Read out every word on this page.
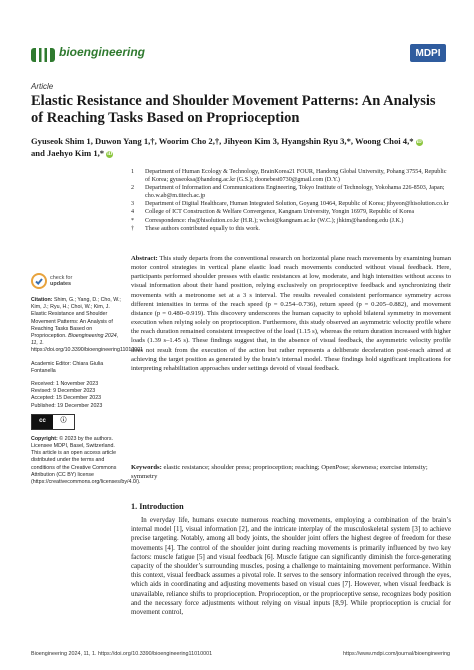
bioengineering	MDPI
Article
Elastic Resistance and Shoulder Movement Patterns: An Analysis of Reaching Tasks Based on Proprioception
Gyuseok Shim 1, Duwon Yang 1,†, Woorim Cho 2,†, Jihyeon Kim 3, Hyangshin Ryu 3,*, Woong Choi 4,* iD
and Jaehyo Kim 1,* iD
1	Department of Human Ecology & Technology, BrainKorea21 FOUR, Handong Global University, Pohang 37554, Republic of Korea; gyuseoksa@handong.ac.kr (G.S.); doonebest0730@gmail.com (D.Y.)
2	Department of Information and Communications Engineering, Tokyo Institute of Technology, Yokohama 226-8503, Japan; cho.w.ab@m.titech.ac.jp
3	Department of Digital Healthcare, Human Integrated Solution, Goyang 10464, Republic of Korea; jihyeon@hisolution.co.kr
4	College of ICT Construction & Welfare Convergence, Kangnam University, Yongin 16979, Republic of Korea
*	Correspondence: rhs@hisolution.co.kr (H.R.); wchoi@kangnam.ac.kr (W.C.); jhkim@handong.edu (J.K.)
†	These authors contributed equally to this work.
Abstract: This study departs from the conventional research on horizontal plane reach movements by examining human motor control strategies in vertical plane elastic load reach movements conducted without visual feedback. Here, participants performed shoulder presses with elastic resistances at low, moderate, and high intensities without access to visual information about their hand position, relying exclusively on proprioceptive feedback and synchronizing their movements with a metronome set at a 3 s interval. The results revealed consistent performance symmetry across different intensities in terms of the reach speed (p = 0.254–0.736), return speed (p = 0.205–0.882), and movement distance (p = 0.480–0.919). This discovery underscores the human capacity to uphold bilateral symmetry in movement execution when relying solely on proprioception. Furthermore, this study observed an asymmetric velocity profile where the reach duration remained consistent irrespective of the load (1.15 s), whereas the return duration increased with higher loads (1.39 s–1.45 s). These findings suggest that, in the absence of visual feedback, the asymmetric velocity profile does not result from the execution of the action but rather represents a deliberate deceleration post-reach aimed at achieving the target position as generated by the brain’s internal model. These findings hold significant implications for interpreting rehabilitation approaches under settings devoid of visual feedback.
Keywords: elastic resistance; shoulder press; proprioception; reaching; OpenPose; skewness; exercise intensity; symmetry
check for
updates

Citation: Shim, G.; Yang, D.; Cho, W.; Kim, J.; Ryu, H.; Choi, W.; Kim, J. Elastic Resistance and Shoulder Movement Patterns: An Analysis of Reaching Tasks Based on Proprioception. Bioengineering 2024, 11, 1. https://doi.org/10.3390/bioengineering11010001

Academic Editor: Chiara Giulia Fontanella

Received: 1 November 2023
Revised: 9 December 2023
Accepted: 15 December 2023
Published: 19 December 2023

cc	ⓘ

Copyright: © 2023 by the authors. Licensee MDPI, Basel, Switzerland. This article is an open access article distributed under the terms and conditions of the Creative Commons Attribution (CC BY) license (https://creativecommons.org/licenses/by/4.0/).

1. Introduction
In everyday life, humans execute numerous reaching movements, employing a combination of the brain’s internal model [1], visual information [2], and the intricate interplay of the musculoskeletal system [3] to achieve precise targeting. Notably, among all body joints, the shoulder joint offers the highest degree of freedom for these movements [4]. The control of the shoulder joint during reaching movements is primarily influenced by two key factors: muscle fatigue [5] and visual feedback [6]. Muscle fatigue can significantly diminish the force-generating capacity of the shoulder’s surrounding muscles, posing a challenge to maintaining movement performance. Within this context, visual feedback assumes a pivotal role. It serves to the sensory information received through the eyes, which aids in coordinating and adjusting movements based on visual cues [7]. However, when visual feedback is unavailable, reliance shifts to proprioception. Proprioception, or the proprioceptive sense, recognizes body position and the necessary force adjustments without relying on visual inputs [8,9]. While proprioception is crucial for movement control,
Bioengineering 2024, 11, 1. https://doi.org/10.3390/bioengineering11010001	https://www.mdpi.com/journal/bioengineering
